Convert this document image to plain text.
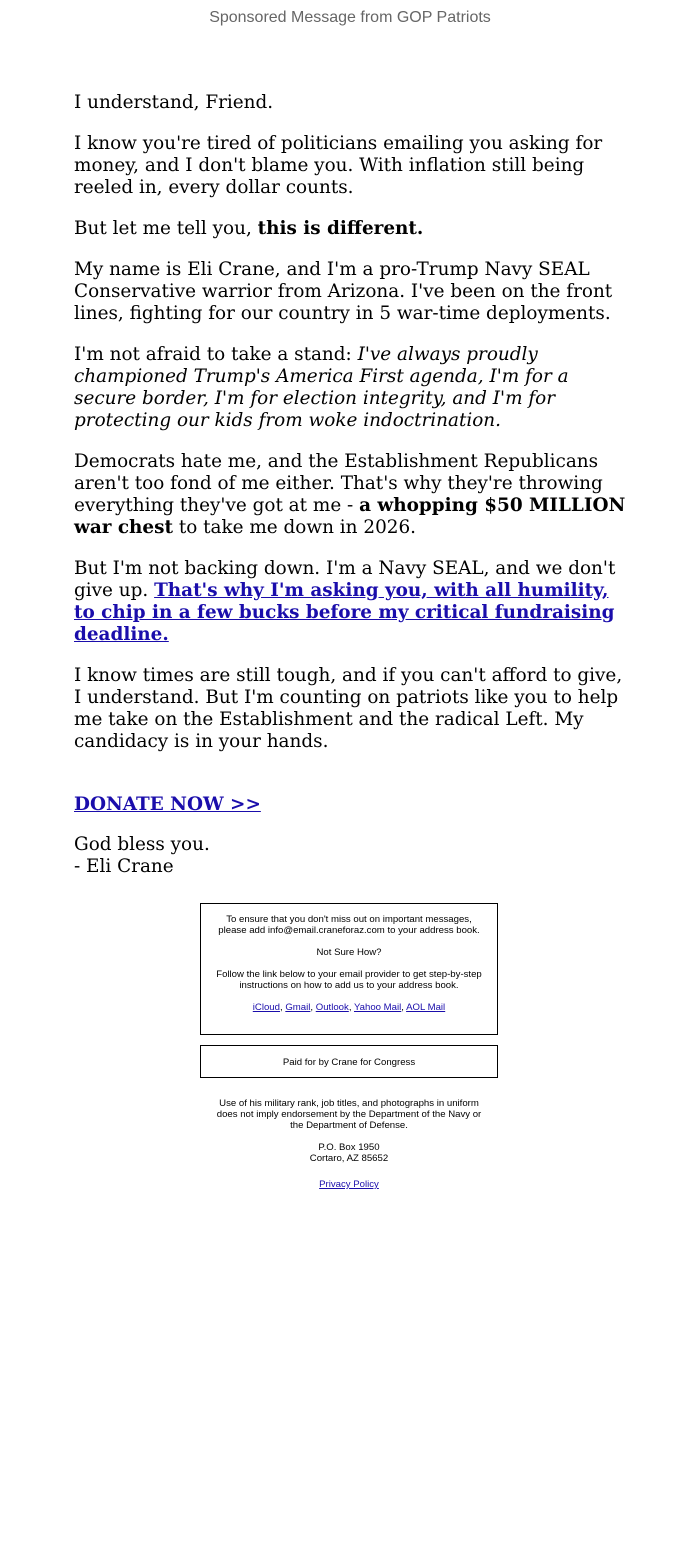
Sponsored Message from GOP Patriots

I understand, Friend.

I know you're tired of politicians emailing you asking for money, and I don't blame you. With inflation still being reeled in, every dollar counts.

But let me tell you, this is different.

My name is Eli Crane, and I'm a pro-Trump Navy SEAL Conservative warrior from Arizona. I've been on the front lines, fighting for our country in 5 war-time deployments.

I'm not afraid to take a stand: I've always proudly championed Trump's America First agenda, I'm for a secure border, I'm for election integrity, and I'm for protecting our kids from woke indoctrination.

Democrats hate me, and the Establishment Republicans aren't too fond of me either. That's why they're throwing everything they've got at me - a whopping $50 MILLION war chest to take me down in 2026.

But I'm not backing down. I'm a Navy SEAL, and we don't give up. That's why I'm asking you, with all humility, to chip in a few bucks before my critical fundraising deadline.

I know times are still tough, and if you can't afford to give, I understand. But I'm counting on patriots like you to help me take on the Establishment and the radical Left. My candidacy is in your hands.

DONATE NOW >>

God bless you.
- Eli Crane

To ensure that you don't miss out on important messages, please add info@email.craneforaz.com to your address book.

Not Sure How?

Follow the link below to your email provider to get step-by-step instructions on how to add us to your address book.

iCloud, Gmail, Outlook, Yahoo Mail, AOL Mail

Paid for by Crane for Congress

Use of his military rank, job titles, and photographs in uniform does not imply endorsement by the Department of the Navy or the Department of Defense.

P.O. Box 1950
Cortaro, AZ 85652

Privacy Policy
